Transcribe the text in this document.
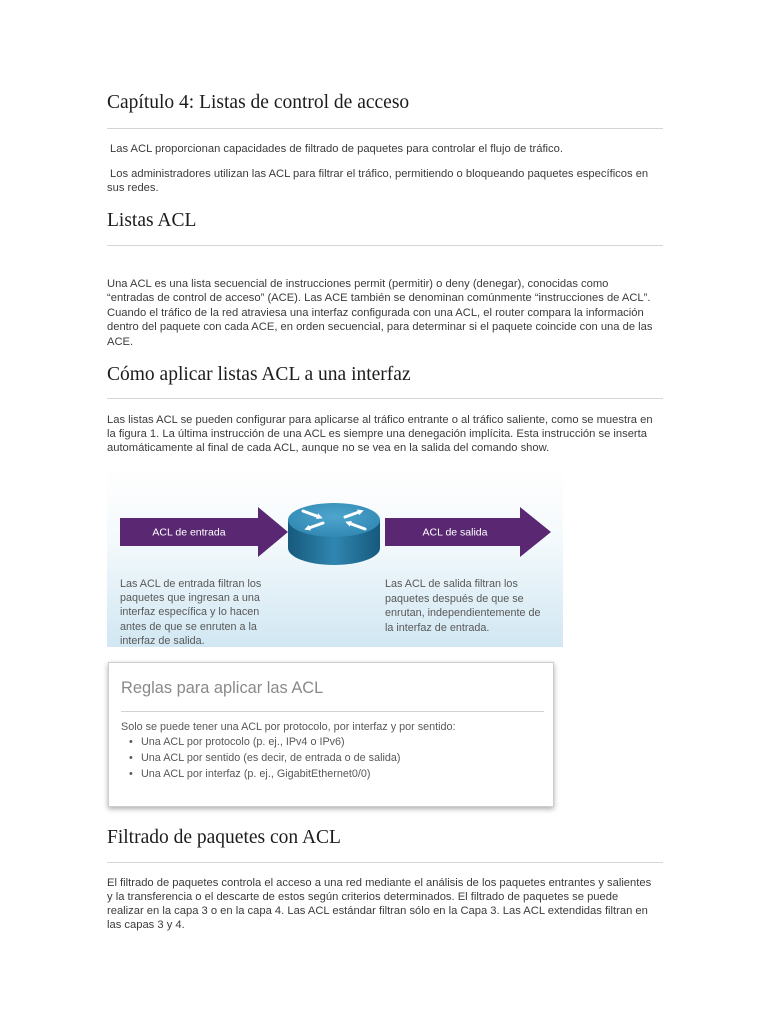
Capítulo 4: Listas de control de acceso

Las ACL proporcionan capacidades de filtrado de paquetes para controlar el flujo de tráfico.

Los administradores utilizan las ACL para filtrar el tráfico, permitiendo o bloqueando paquetes específicos en

sus redes.

Listas ACL

Una ACL es una lista secuencial de instrucciones permit (permitir) o deny (denegar), conocidas como

“entradas de control de acceso” (ACE). Las ACE también se denominan comúnmente “instrucciones de ACL”.

Cuando el tráfico de la red atraviesa una interfaz configurada con una ACL, el router compara la información

dentro del paquete con cada ACE, en orden secuencial, para determinar si el paquete coincide con una de las

ACE.

Cómo aplicar listas ACL a una interfaz

Las listas ACL se pueden configurar para aplicarse al tráfico entrante o al tráfico saliente, como se muestra en

la figura 1. La última instrucción de una ACL es siempre una denegación implícita. Esta instrucción se inserta

automáticamente al final de cada ACL, aunque no se vea en la salida del comando show.

ACL de entrada	ACL de salida
Las ACL de entrada filtran los
paquetes que ingresan a una
interfaz específica y lo hacen
antes de que se enruten a la
interfaz de salida.
Las ACL de salida filtran los
paquetes después de que se
enrutan, independientemente de
la interfaz de entrada.

Reglas para aplicar las ACL

Solo se puede tener una ACL por protocolo, por interfaz y por sentido:

•
Una ACL por protocolo (p. ej., IPv4 o IPv6)
•
Una ACL por sentido (es decir, de entrada o de salida)
•
Una ACL por interfaz (p. ej., GigabitEthernet0/0)
Filtrado de paquetes con ACL

El filtrado de paquetes controla el acceso a una red mediante el análisis de los paquetes entrantes y salientes

y la transferencia o el descarte de estos según criterios determinados. El filtrado de paquetes se puede

realizar en la capa 3 o en la capa 4. Las ACL estándar filtran sólo en la Capa 3. Las ACL extendidas filtran en

las capas 3 y 4.
